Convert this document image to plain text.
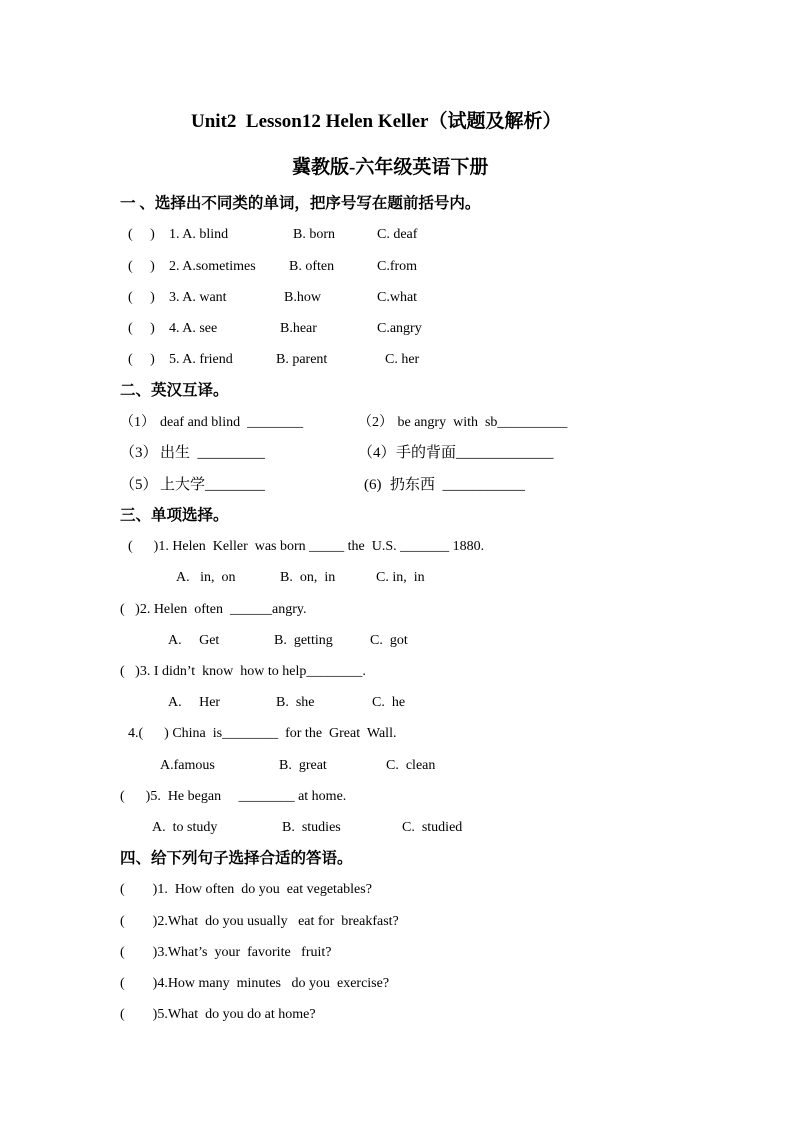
Unit2  Lesson12 Helen Keller（试题及解析）
冀教版-六年级英语下册
一 、选择出不同类的单词，把序号写在题前括号内。
(     ) 1. A. blind	B. born	C. deaf
(     ) 2. A.sometimes B. often	C.from
(     ) 3. A. want	B.how	C.what
(     ) 4. A. see	B.hear	C.angry
(     ) 5. A. friend	B. parent	C. her
二、英汉互译。
（1） deaf and blind  ________	（2） be angry  with  sb__________
（3） 出生  _________	（4） 手的背面_____________
（5） 上大学________	(6) 扔东西  ___________
三、单项选择。
(      )1. Helen  Keller  was born _____ the  U.S. _______ 1880.
A.   in,  on	B.  on,  in	C. in,  in
(   )2. Helen  often  ______angry.
A.     Get	B.  getting	C.  got
(   )3. I didn’t  know  how to help________.
A.     Her	B.  she	C.  he
4.(      ) China  is________  for the  Great  Wall.
A.famous	B.  great	C.  clean
(      )5.  He began     ________ at home.
A.  to study	B.  studies	C.  studied
四、给下列句子选择合适的答语。
(        )1.  How often  do you  eat vegetables?
(        )2.What  do you usually   eat for  breakfast?
(        )3.What’s  your  favorite   fruit?
(        )4.How many  minutes   do you  exercise?
(        )5.What  do you do at home?
